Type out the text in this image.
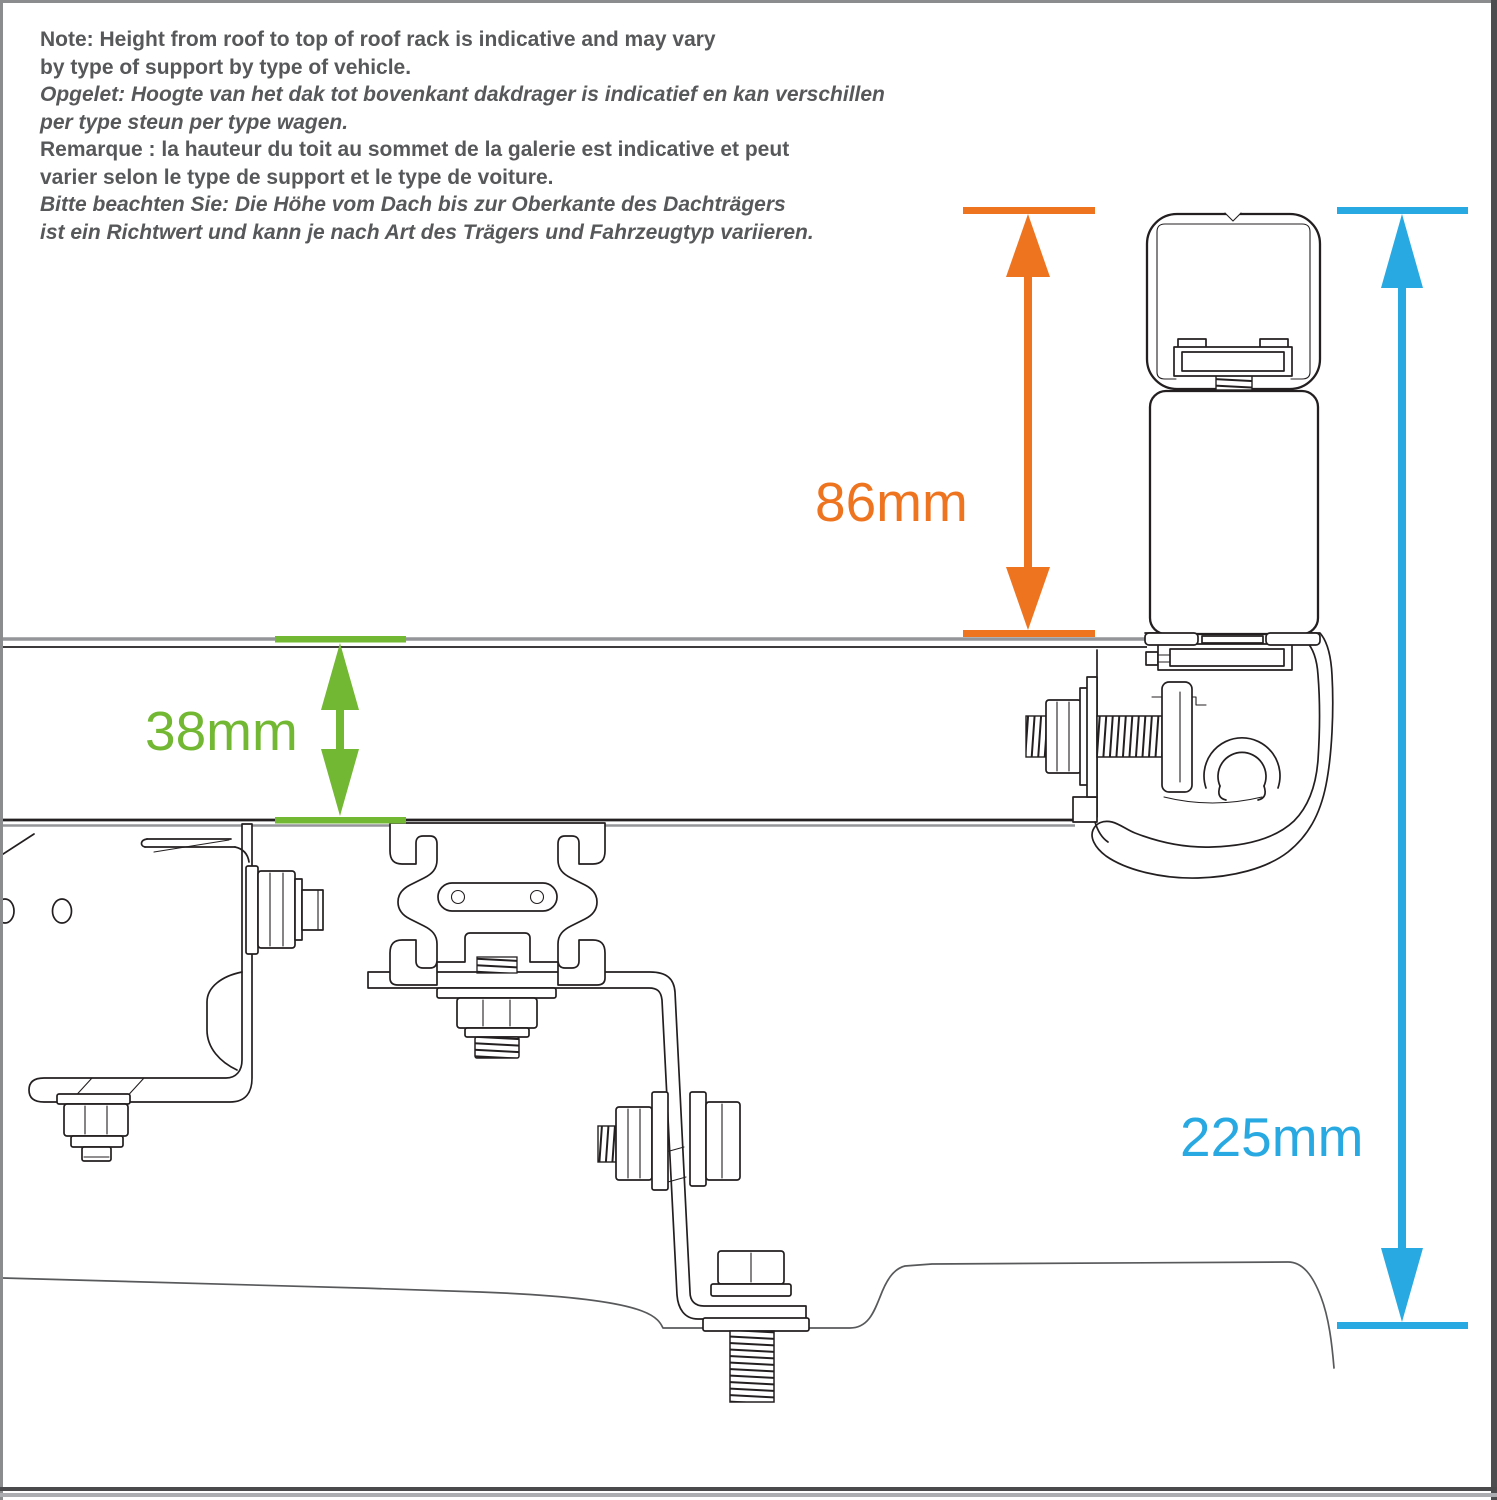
Note: Height from roof to top of roof rack is indicative and may vary
by type of support by type of vehicle.
Opgelet: Hoogte van het dak tot bovenkant dakdrager is indicatief en kan verschillen
per type steun per type wagen.
Remarque : la hauteur du toit au sommet de la galerie est indicative et peut
varier selon le type de support et le type de voiture.
Bitte beachten Sie: Die Höhe vom Dach bis zur Oberkante des Dachträgers
ist ein Richtwert und kann je nach Art des Trägers und Fahrzeugtyp variieren.
86mm
38mm
225mm
